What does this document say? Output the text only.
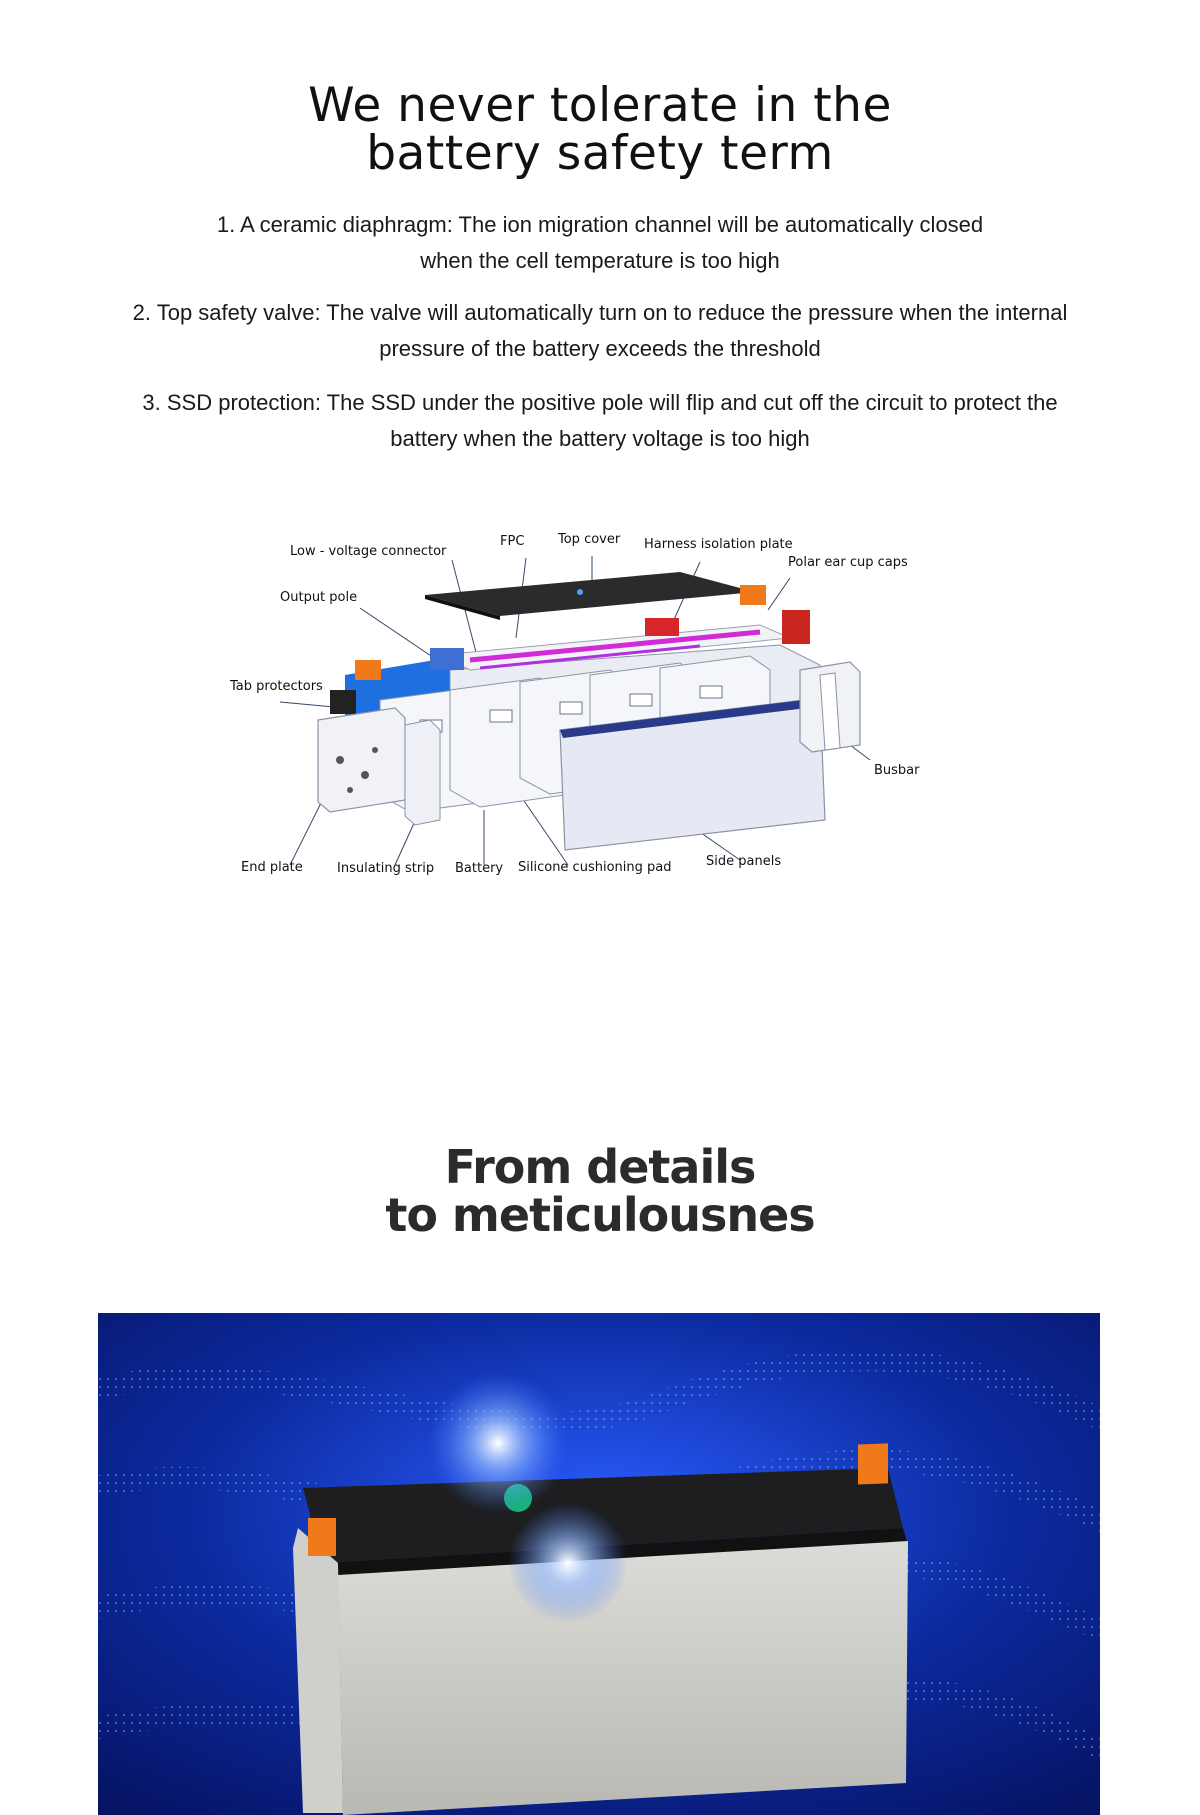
We never tolerate in the
battery safety term
1. A ceramic diaphragm: The ion migration channel will be automatically closed
when the cell temperature is too high
2. Top safety valve: The valve will automatically turn on to reduce the pressure when the internal
pressure of the battery exceeds the threshold
3. SSD protection: The SSD under the positive pole will flip and cut off the circuit to protect the
battery when the battery voltage is too high
Low - voltage connector
FPC	Top cover Harness isolation plate
Polar ear cup caps
Output pole
Tab protectors
Busbar
End plate	Insulating strip Battery Silicone cushioning pad	Side panels
From details
to meticulousnes
